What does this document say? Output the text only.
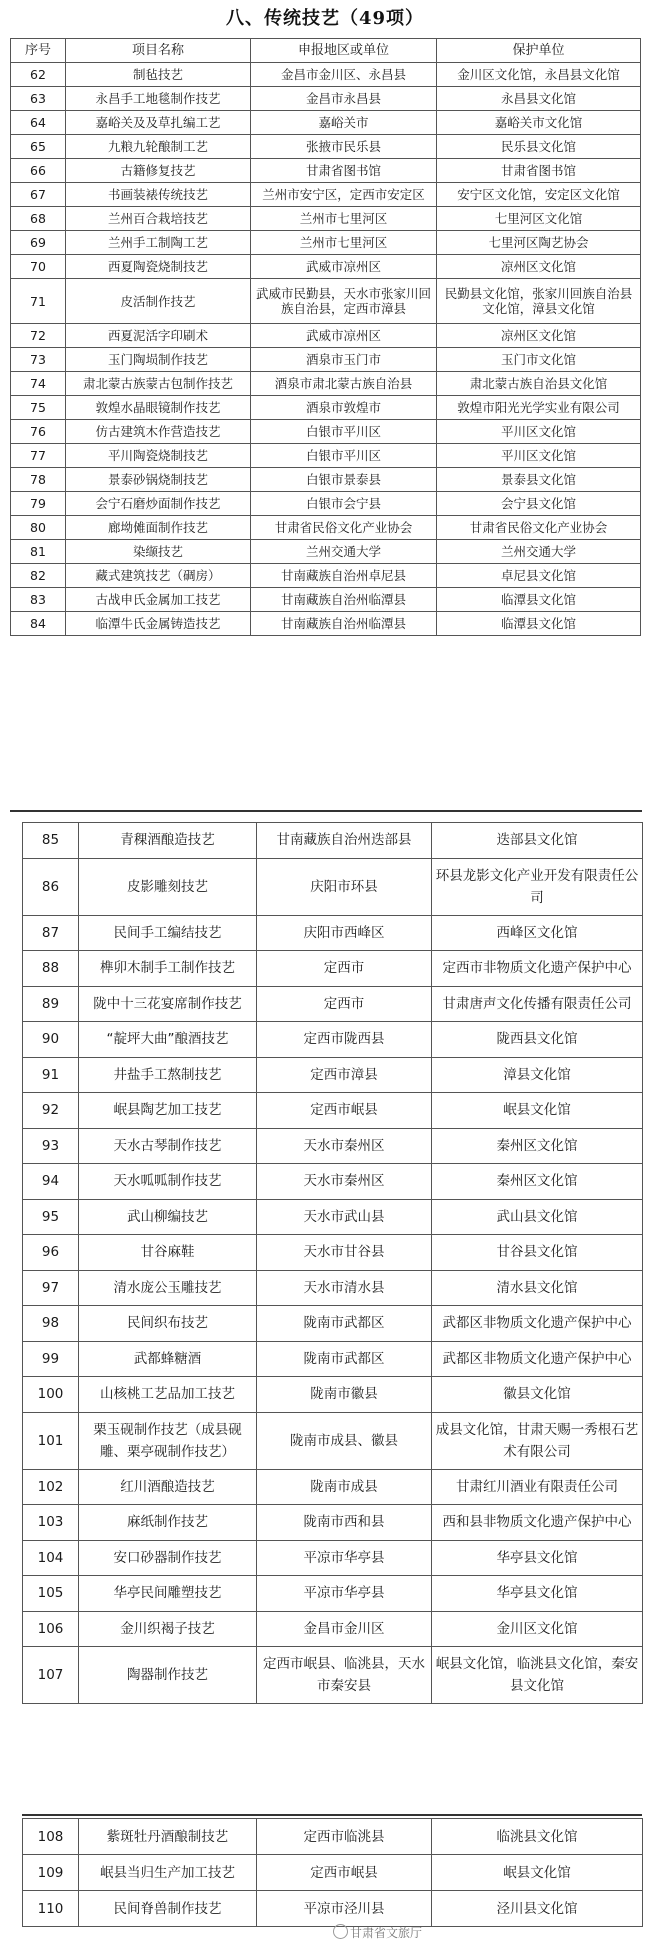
八、传统技艺（49项）
序号	项目名称	申报地区或单位	保护单位
62	制毡技艺	金昌市金川区、永昌县	金川区文化馆，永昌县文化馆
63	永昌手工地毯制作技艺	金昌市永昌县	永昌县文化馆
64	嘉峪关及及草扎编工艺	嘉峪关市	嘉峪关市文化馆
65	九粮九轮酿制工艺	张掖市民乐县	民乐县文化馆
66	古籍修复技艺	甘肃省图书馆	甘肃省图书馆
67	书画装裱传统技艺	兰州市安宁区，定西市安定区	安宁区文化馆，安定区文化馆
68	兰州百合栽培技艺	兰州市七里河区	七里河区文化馆
69	兰州手工制陶工艺	兰州市七里河区	七里河区陶艺协会
70	西夏陶瓷烧制技艺	武威市凉州区	凉州区文化馆
71	皮活制作技艺	武威市民勤县，天水市张家川回族自治县，定西市漳县	民勤县文化馆，张家川回族自治县文化馆，漳县文化馆
72	西夏泥活字印刷术	武威市凉州区	凉州区文化馆
73	玉门陶埙制作技艺	酒泉市玉门市	玉门市文化馆
74	肃北蒙古族蒙古包制作技艺	酒泉市肃北蒙古族自治县	肃北蒙古族自治县文化馆
75	敦煌水晶眼镜制作技艺	酒泉市敦煌市	敦煌市阳光光学实业有限公司
76	仿古建筑木作营造技艺	白银市平川区	平川区文化馆
77	平川陶瓷烧制技艺	白银市平川区	平川区文化馆
78	景泰砂锅烧制技艺	白银市景泰县	景泰县文化馆
79	会宁石磨炒面制作技艺	白银市会宁县	会宁县文化馆
80	廊坳傩面制作技艺	甘肃省民俗文化产业协会	甘肃省民俗文化产业协会
81	染缬技艺	兰州交通大学	兰州交通大学
82	藏式建筑技艺（碉房）	甘南藏族自治州卓尼县	卓尼县文化馆
83	古战申氏金属加工技艺	甘南藏族自治州临潭县	临潭县文化馆
84	临潭牛氏金属铸造技艺	甘南藏族自治州临潭县	临潭县文化馆
85	青稞酒酿造技艺	甘南藏族自治州迭部县	迭部县文化馆
86	皮影雕刻技艺	庆阳市环县	环县龙影文化产业开发有限责任公司
87	民间手工编结技艺	庆阳市西峰区	西峰区文化馆
88	榫卯木制手工制作技艺	定西市	定西市非物质文化遗产保护中心
89	陇中十三花宴席制作技艺	定西市	甘肃唐声文化传播有限责任公司
90	“靛坪大曲”酿酒技艺	定西市陇西县	陇西县文化馆
91	井盐手工熬制技艺	定西市漳县	漳县文化馆
92	岷县陶艺加工技艺	定西市岷县	岷县文化馆
93	天水古琴制作技艺	天水市秦州区	秦州区文化馆
94	天水呱呱制作技艺	天水市秦州区	秦州区文化馆
95	武山柳编技艺	天水市武山县	武山县文化馆
96	甘谷麻鞋	天水市甘谷县	甘谷县文化馆
97	清水庞公玉雕技艺	天水市清水县	清水县文化馆
98	民间织布技艺	陇南市武都区	武都区非物质文化遗产保护中心
99	武都蜂糖酒	陇南市武都区	武都区非物质文化遗产保护中心
100	山核桃工艺品加工技艺	陇南市徽县	徽县文化馆
101	栗玉砚制作技艺（成县砚雕、栗亭砚制作技艺）	陇南市成县、徽县	成县文化馆，甘肃天赐一秀根石艺术有限公司
102	红川酒酿造技艺	陇南市成县	甘肃红川酒业有限责任公司
103	麻纸制作技艺	陇南市西和县	西和县非物质文化遗产保护中心
104	安口砂器制作技艺	平凉市华亭县	华亭县文化馆
105	华亭民间雕塑技艺	平凉市华亭县	华亭县文化馆
106	金川织褐子技艺	金昌市金川区	金川区文化馆
107	陶器制作技艺	定西市岷县、临洮县，天水市秦安县	岷县文化馆，临洮县文化馆，秦安县文化馆
108	紫斑牡丹酒酿制技艺	定西市临洮县	临洮县文化馆
109	岷县当归生产加工技艺	定西市岷县	岷县文化馆
110	民间脊兽制作技艺	平凉市泾川县	泾川县文化馆
甘肃省文旅厅
